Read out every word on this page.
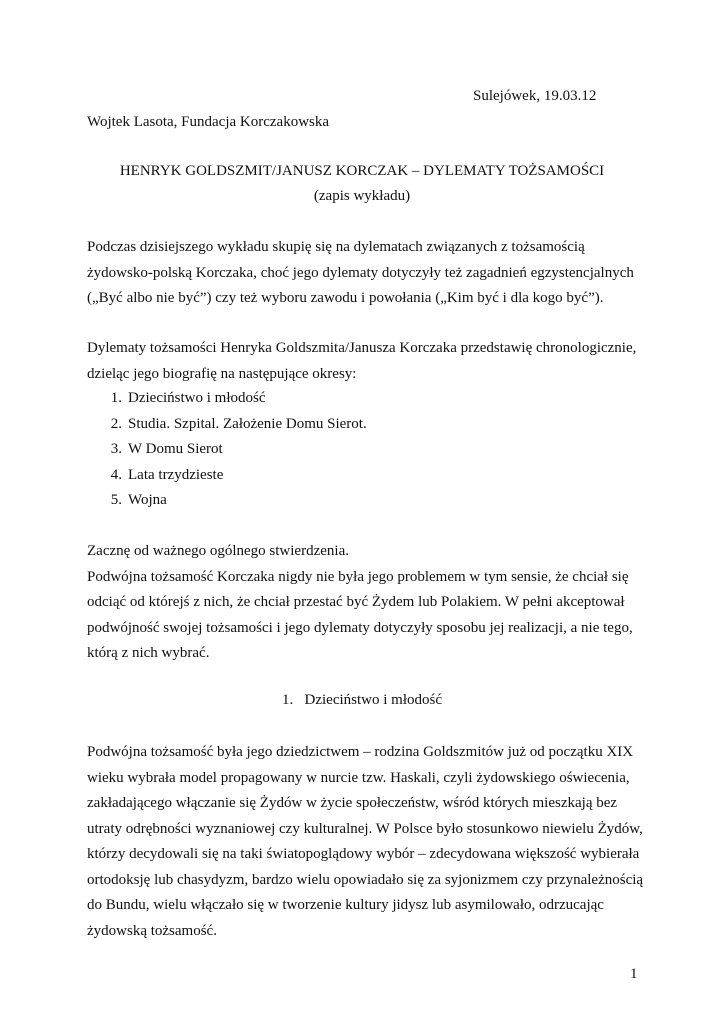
Sulejówek, 19.03.12
Wojtek Lasota, Fundacja Korczakowska
HENRYK GOLDSZMIT/JANUSZ KORCZAK – DYLEMATY TOŻSAMOŚCI
(zapis wykładu)
Podczas dzisiejszego wykładu skupię się na dylematach związanych z tożsamością
żydowsko-polską Korczaka, choć jego dylematy dotyczyły też zagadnień egzystencjalnych
(„Być albo nie być”) czy też wyboru zawodu i powołania („Kim być i dla kogo być”).
Dylematy tożsamości Henryka Goldszmita/Janusza Korczaka przedstawię chronologicznie,
dzieląc jego biografię na następujące okresy:
1. Dzieciństwo i młodość
2. Studia. Szpital. Założenie Domu Sierot.
3. W Domu Sierot
4. Lata trzydzieste
5. Wojna
Zacznę od ważnego ogólnego stwierdzenia.
Podwójna tożsamość Korczaka nigdy nie była jego problemem w tym sensie, że chciał się
odciąć od którejś z nich, że chciał przestać być Żydem lub Polakiem. W pełni akceptował
podwójność swojej tożsamości i jego dylematy dotyczyły sposobu jej realizacji, a nie tego,
którą z nich wybrać.
1. Dzieciństwo i młodość
Podwójna tożsamość była jego dziedzictwem – rodzina Goldszmitów już od początku XIX
wieku wybrała model propagowany w nurcie tzw. Haskali, czyli żydowskiego oświecenia,
zakładającego włączanie się Żydów w życie społeczeństw, wśród których mieszkają bez
utraty odrębności wyznaniowej czy kulturalnej. W Polsce było stosunkowo niewielu Żydów,
którzy decydowali się na taki światopoglądowy wybór – zdecydowana większość wybierała
ortodoksję lub chasydyzm, bardzo wielu opowiadało się za syjonizmem czy przynależnością
do Bundu, wielu włączało się w tworzenie kultury jidysz lub asymilowało, odrzucając
żydowską tożsamość.
1
